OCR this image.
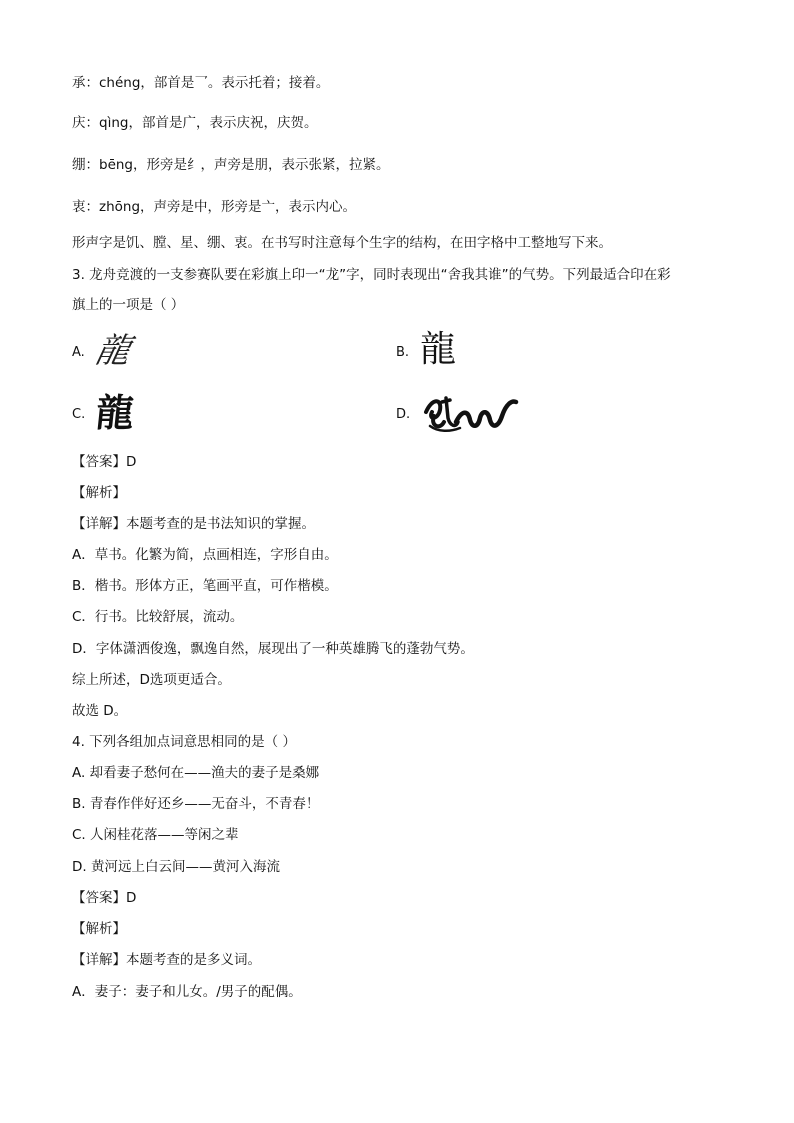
承：chéng，部首是乛。表示托着；接着。
庆：qìng，部首是广，表示庆祝，庆贺。
绷：bēng，形旁是纟，声旁是朋，表示张紧，拉紧。
衷：zhōng，声旁是中，形旁是亠，表示内心。
形声字是饥、膛、星、绷、衷。在书写时注意每个生字的结构，在田字格中工整地写下来。
3. 龙舟竞渡的一支参赛队要在彩旗上印一“龙”字，同时表现出“舍我其谁”的气势。下列最适合印在彩
旗上的一项是（ ）
A. 龍	B. 龍
C. 龍	D.
【答案】D
【解析】
【详解】本题考查的是书法知识的掌握。
A．草书。化繁为简，点画相连，字形自由。
B．楷书。形体方正，笔画平直，可作楷模。
C．行书。比较舒展，流动。
D．字体潇洒俊逸，飘逸自然，展现出了一种英雄腾飞的蓬勃气势。
综上所述，D选项更适合。
故选 D。
4. 下列各组加点词意思相同的是（ ）
A. 却看妻子愁何在——渔夫的妻子是桑娜
B. 青春作伴好还乡——无奋斗，不青春！
C. 人闲桂花落——等闲之辈
D. 黄河远上白云间——黄河入海流
【答案】D
【解析】
【详解】本题考查的是多义词。
A．妻子：妻子和儿女。/男子的配偶。
